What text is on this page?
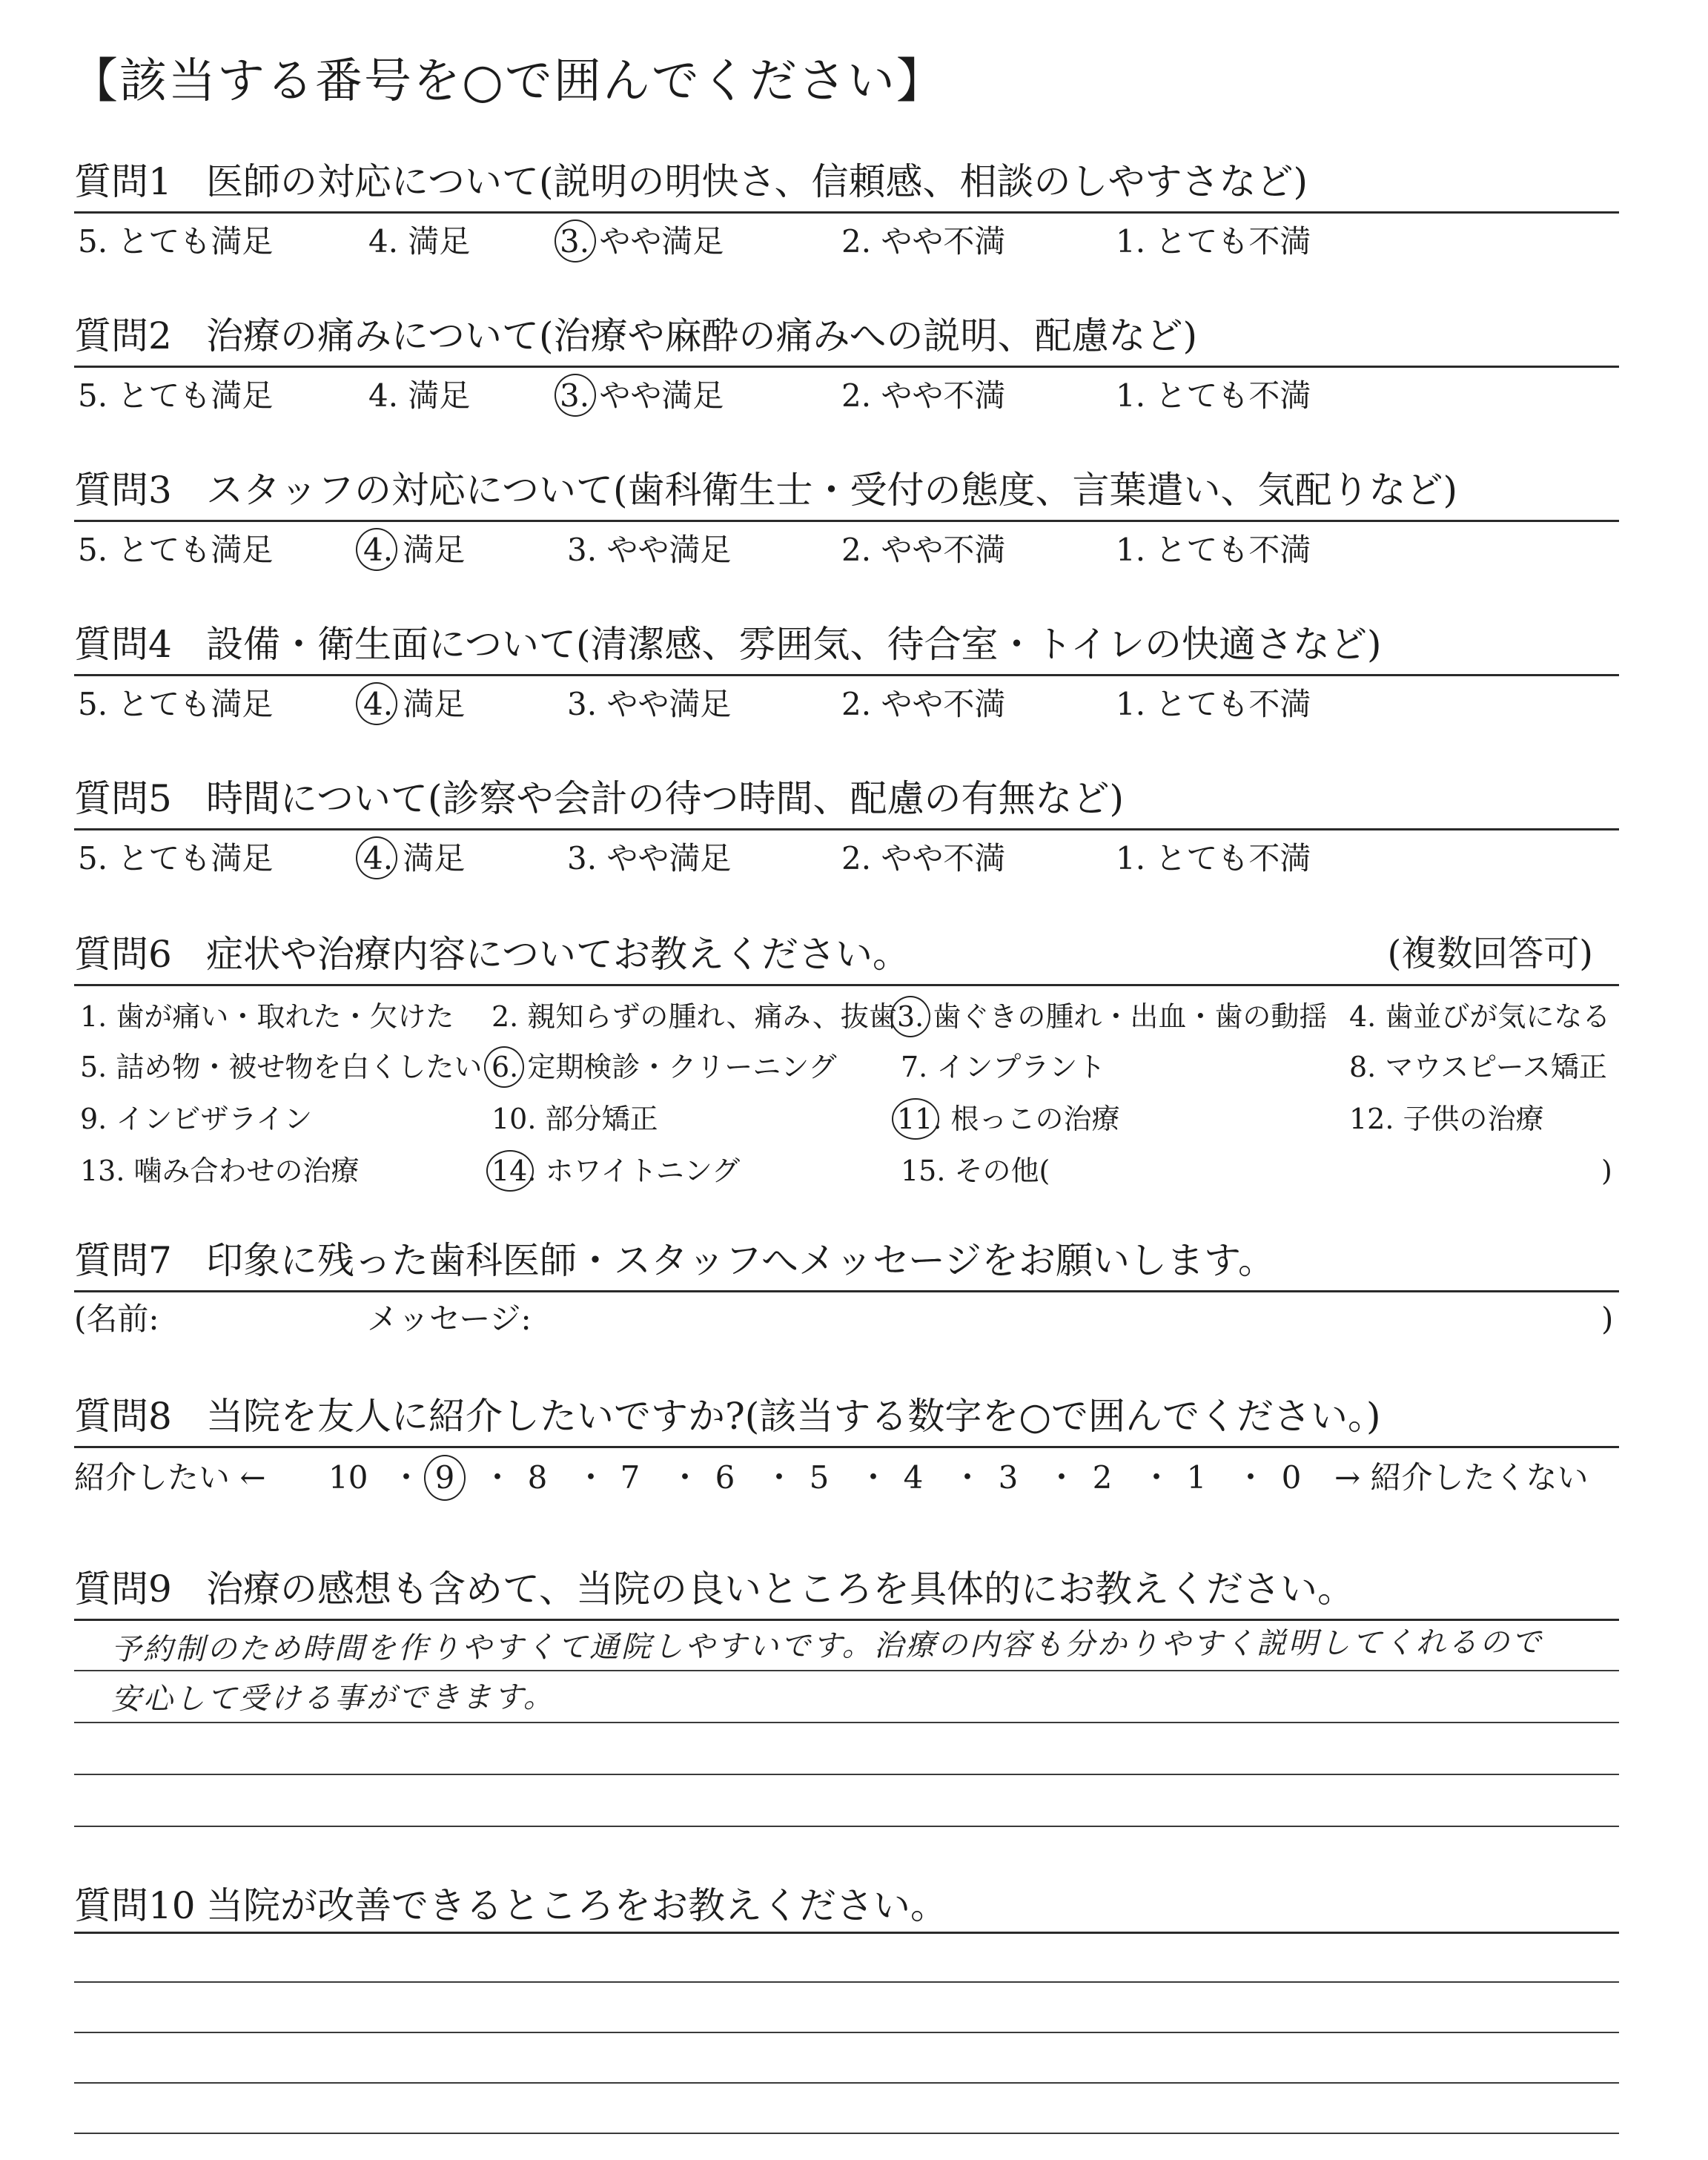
【該当する番号を○で囲んでください】
質問1 医師の対応について(説明の明快さ、信頼感、相談のしやすさなど)
5. とても満足	4. 満足	3. やや満足	2. やや不満	1. とても不満
質問2 治療の痛みについて(治療や麻酔の痛みへの説明、配慮など)
5. とても満足	4. 満足	3. やや満足	2. やや不満	1. とても不満
質問3 スタッフの対応について(歯科衛生士・受付の態度、言葉遣い、気配りなど)
5. とても満足	4. 満足	3. やや満足	2. やや不満	1. とても不満
質問4 設備・衛生面について(清潔感、雰囲気、待合室・トイレの快適さなど)
5. とても満足	4. 満足	3. やや満足	2. やや不満	1. とても不満
質問5 時間について(診察や会計の待つ時間、配慮の有無など)
5. とても満足	4. 満足	3. やや満足	2. やや不満	1. とても不満
質問6 症状や治療内容についてお教えください。	(複数回答可)
1. 歯が痛い・取れた・欠けた 2. 親知らずの腫れ、痛み、抜歯 3. 歯ぐきの腫れ・出血・歯の動揺 4. 歯並びが気になる
5. 詰め物・被せ物を白くしたい 6. 定期検診・クリーニング 7. インプラント	8. マウスピース矯正
9. インビザライン	10. 部分矯正	11. 根っこの治療	12. 子供の治療
13. 噛み合わせの治療	14. ホワイトニング	15. その他(	)
質問7 印象に残った歯科医師・スタッフへメッセージをお願いします。
(名前:	メッセージ:	)
質問8 当院を友人に紹介したいですか?(該当する数字を○で囲んでください。)
紹介したい ←	→ 紹介したくない
10 9 8 7 6 5 4 3 2 1 0
・ ・ ・ ・ ・ ・ ・ ・ ・ ・
質問9 治療の感想も含めて、当院の良いところを具体的にお教えください。
予約制のため時間を作りやすくて通院しやすいです。治療の内容も分かりやすく説明してくれるので
安心して受ける事ができます。
質問10 当院が改善できるところをお教えください。
